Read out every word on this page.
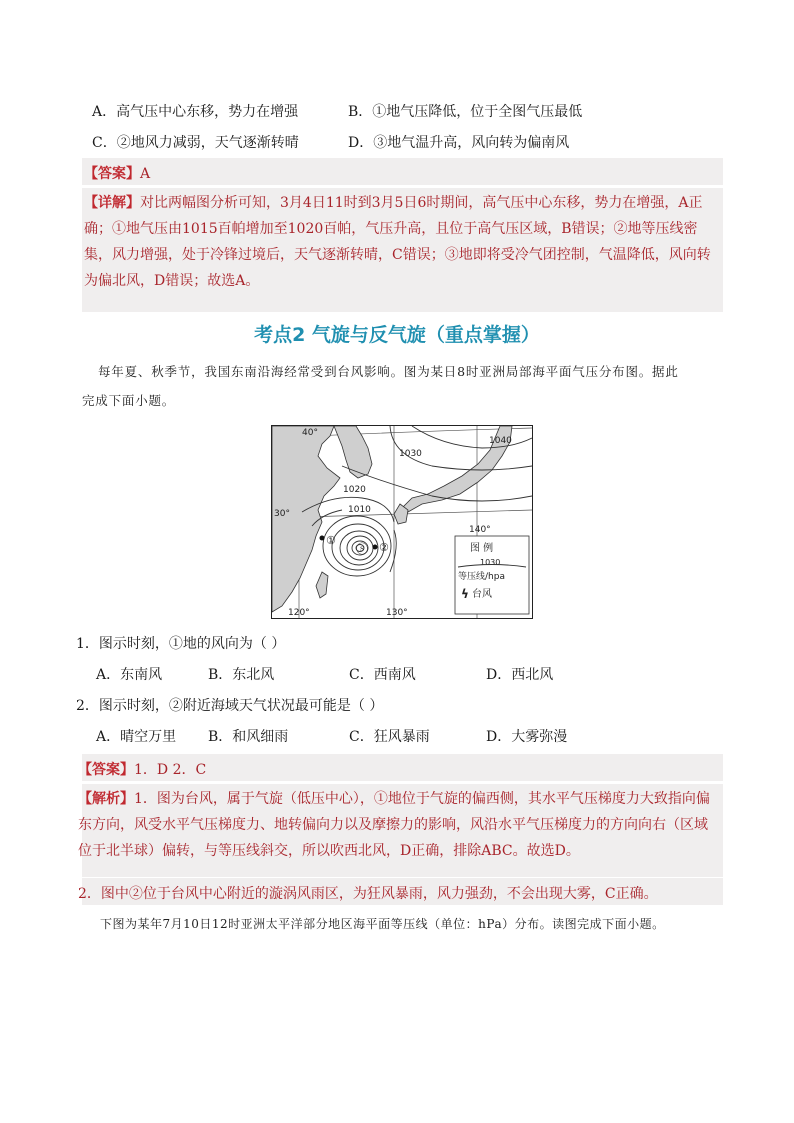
A．高气压中心东移，势力在增强	B．①地气压降低，位于全图气压最低
C．②地风力减弱，天气逐渐转晴	D．③地气温升高，风向转为偏南风
【答案】A
【详解】对比两幅图分析可知，3月4日11时到3月5日6时期间，高气压中心东移，势力在增强，A正确；①地气压由1015百帕增加至1020百帕，气压升高，且位于高气压区域，B错误；②地等压线密集，风力增强，处于冷锋过境后，天气逐渐转晴，C错误；③地即将受冷气团控制，气温降低，风向转为偏北风，D错误；故选A。
考点2 气旋与反气旋（重点掌握）
每年夏、秋季节，我国东南沿海经常受到台风影响。图为某日8时亚洲局部海平面气压分布图。据此
完成下面小题。
ⓢ
①
②
40°
30°
120°	130°
140°
1040
1030
1020
1010
图 例
1030
等压线/hpa
ϟ 台风
1．图示时刻，①地的风向为（ ）
A．东南风	B．东北风	C．西南风	D．西北风
2．图示时刻，②附近海域天气状况最可能是（ ）
A．晴空万里 B．和风细雨	C．狂风暴雨	D．大雾弥漫
【答案】1．D 2．C
【解析】1．图为台风，属于气旋（低压中心），①地位于气旋的偏西侧，其水平气压梯度力大致指向偏东方向，风受水平气压梯度力、地转偏向力以及摩擦力的影响，风沿水平气压梯度力的方向向右（区域位于北半球）偏转，与等压线斜交，所以吹西北风，D正确，排除ABC。故选D。
2．图中②位于台风中心附近的漩涡风雨区，为狂风暴雨，风力强劲，不会出现大雾，C正确。
下图为某年7月10日12时亚洲太平洋部分地区海平面等压线（单位：hPa）分布。读图完成下面小题。
